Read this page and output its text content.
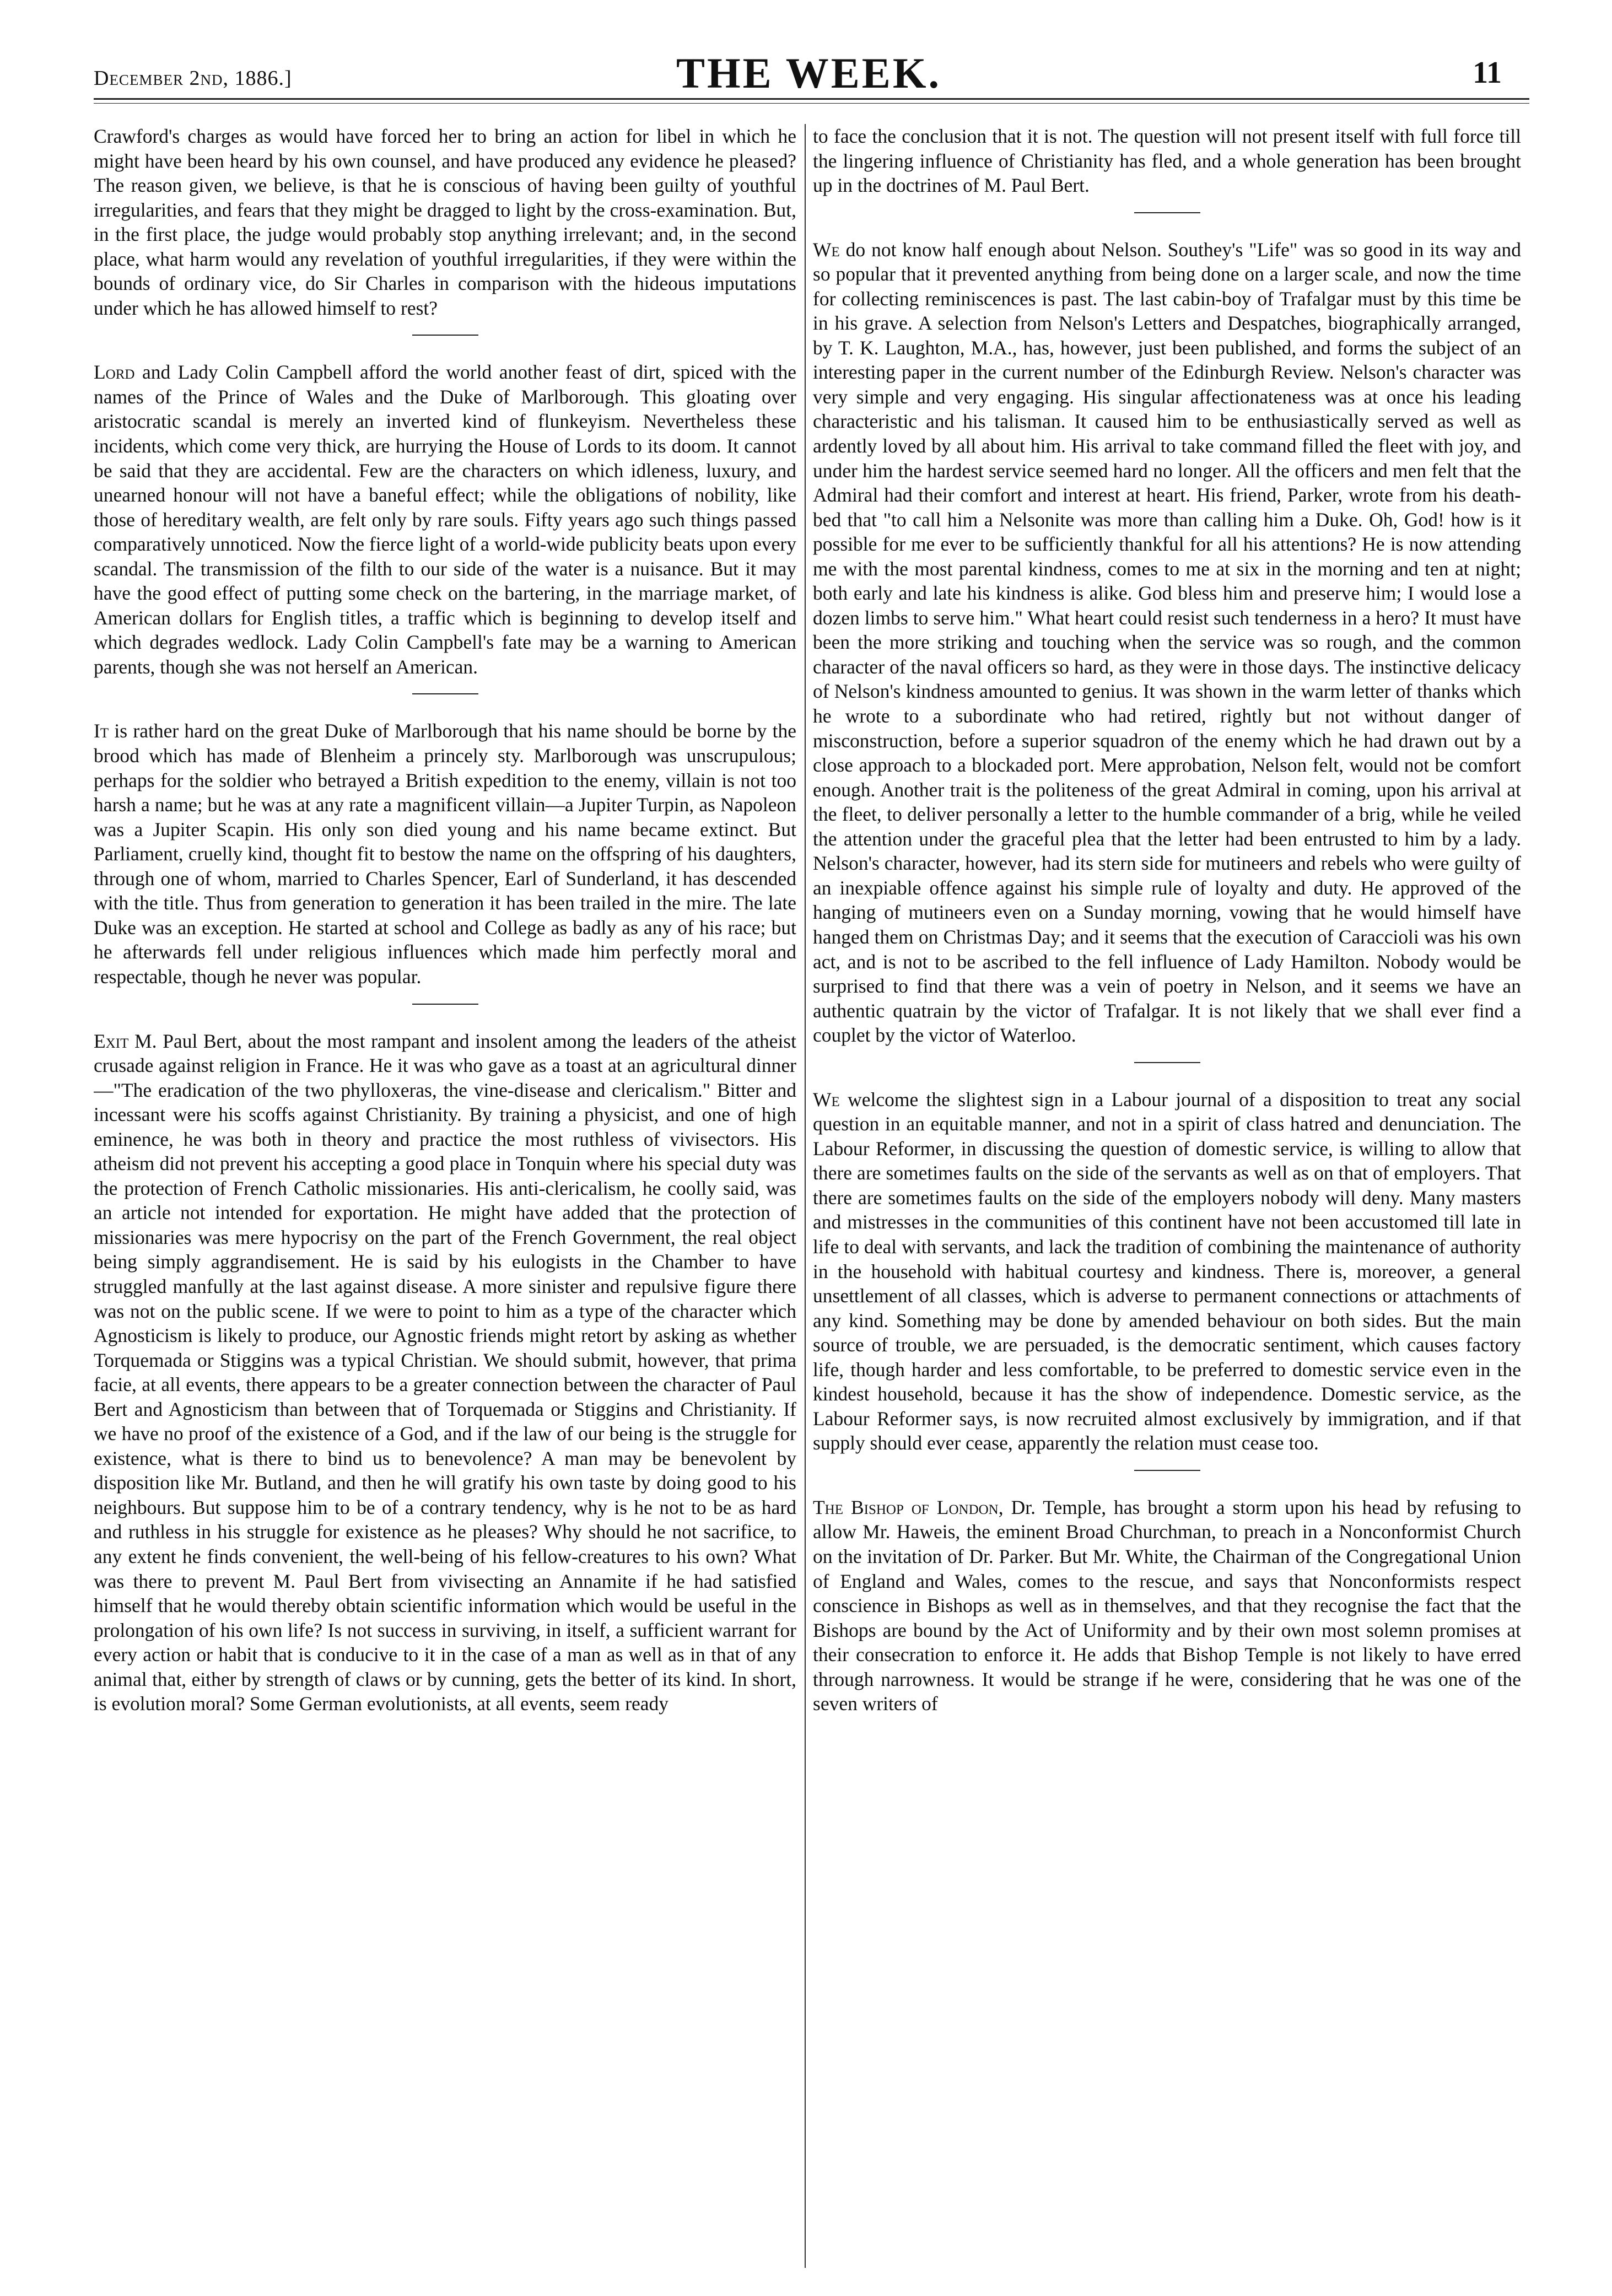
December 2nd, 1886.]	THE WEEK.	11

Crawford's charges as would have forced her to bring an action for libel in which he might have been heard by his own counsel, and have produced any evidence he pleased? The reason given, we believe, is that he is conscious of having been guilty of youthful irregularities, and fears that they might be dragged to light by the cross-examination. But, in the first place, the judge would probably stop anything irrelevant; and, in the second place, what harm would any revelation of youthful irregularities, if they were within the bounds of ordinary vice, do Sir Charles in comparison with the hideous imputations under which he has allowed himself to rest?

Lord and Lady Colin Campbell afford the world another feast of dirt, spiced with the names of the Prince of Wales and the Duke of Marlborough. This gloating over aristocratic scandal is merely an inverted kind of flunkeyism. Nevertheless these incidents, which come very thick, are hurrying the House of Lords to its doom. It cannot be said that they are accidental. Few are the characters on which idleness, luxury, and unearned honour will not have a baneful effect; while the obligations of nobility, like those of hereditary wealth, are felt only by rare souls. Fifty years ago such things passed comparatively unnoticed. Now the fierce light of a world-wide publicity beats upon every scandal. The transmission of the filth to our side of the water is a nuisance. But it may have the good effect of putting some check on the bartering, in the marriage market, of American dollars for English titles, a traffic which is beginning to develop itself and which degrades wedlock. Lady Colin Campbell's fate may be a warning to American parents, though she was not herself an American.

It is rather hard on the great Duke of Marlborough that his name should be borne by the brood which has made of Blenheim a princely sty. Marlborough was unscrupulous; perhaps for the soldier who betrayed a British expedition to the enemy, villain is not too harsh a name; but he was at any rate a magnificent villain—a Jupiter Turpin, as Napoleon was a Jupiter Scapin. His only son died young and his name became extinct. But Parliament, cruelly kind, thought fit to bestow the name on the offspring of his daughters, through one of whom, married to Charles Spencer, Earl of Sunderland, it has descended with the title. Thus from generation to generation it has been trailed in the mire. The late Duke was an exception. He started at school and College as badly as any of his race; but he afterwards fell under religious influences which made him perfectly moral and respectable, though he never was popular.

Exit M. Paul Bert, about the most rampant and insolent among the leaders of the atheist crusade against religion in France. He it was who gave as a toast at an agricultural dinner—"The eradication of the two phylloxeras, the vine-disease and clericalism." Bitter and incessant were his scoffs against Christianity. By training a physicist, and one of high eminence, he was both in theory and practice the most ruthless of vivisectors. His atheism did not prevent his accepting a good place in Tonquin where his special duty was the protection of French Catholic missionaries. His anti-clericalism, he coolly said, was an article not intended for exportation. He might have added that the protection of missionaries was mere hypocrisy on the part of the French Government, the real object being simply aggrandisement. He is said by his eulogists in the Chamber to have struggled manfully at the last against disease. A more sinister and repulsive figure there was not on the public scene. If we were to point to him as a type of the character which Agnosticism is likely to produce, our Agnostic friends might retort by asking as whether Torquemada or Stiggins was a typical Christian. We should submit, however, that prima facie, at all events, there appears to be a greater connection between the character of Paul Bert and Agnosticism than between that of Torquemada or Stiggins and Christianity. If we have no proof of the existence of a God, and if the law of our being is the struggle for existence, what is there to bind us to benevolence? A man may be benevolent by disposition like Mr. Butland, and then he will gratify his own taste by doing good to his neighbours. But suppose him to be of a contrary tendency, why is he not to be as hard and ruthless in his struggle for existence as he pleases? Why should he not sacrifice, to any extent he finds convenient, the well-being of his fellow-creatures to his own? What was there to prevent M. Paul Bert from vivisecting an Annamite if he had satisfied himself that he would thereby obtain scientific information which would be useful in the prolongation of his own life? Is not success in surviving, in itself, a sufficient warrant for every action or habit that is conducive to it in the case of a man as well as in that of any animal that, either by strength of claws or by cunning, gets the better of its kind. In short, is evolution moral? Some German evolutionists, at all events, seem ready

to face the conclusion that it is not. The question will not present itself with full force till the lingering influence of Christianity has fled, and a whole generation has been brought up in the doctrines of M. Paul Bert.

We do not know half enough about Nelson. Southey's "Life" was so good in its way and so popular that it prevented anything from being done on a larger scale, and now the time for collecting reminiscences is past. The last cabin-boy of Trafalgar must by this time be in his grave. A selection from Nelson's Letters and Despatches, biographically arranged, by T. K. Laughton, M.A., has, however, just been published, and forms the subject of an interesting paper in the current number of the Edinburgh Review. Nelson's character was very simple and very engaging. His singular affectionateness was at once his leading characteristic and his talisman. It caused him to be enthusiastically served as well as ardently loved by all about him. His arrival to take command filled the fleet with joy, and under him the hardest service seemed hard no longer. All the officers and men felt that the Admiral had their comfort and interest at heart. His friend, Parker, wrote from his death-bed that "to call him a Nelsonite was more than calling him a Duke. Oh, God! how is it possible for me ever to be sufficiently thankful for all his attentions? He is now attending me with the most parental kindness, comes to me at six in the morning and ten at night; both early and late his kindness is alike. God bless him and preserve him; I would lose a dozen limbs to serve him." What heart could resist such tenderness in a hero? It must have been the more striking and touching when the service was so rough, and the common character of the naval officers so hard, as they were in those days. The instinctive delicacy of Nelson's kindness amounted to genius. It was shown in the warm letter of thanks which he wrote to a subordinate who had retired, rightly but not without danger of misconstruction, before a superior squadron of the enemy which he had drawn out by a close approach to a blockaded port. Mere approbation, Nelson felt, would not be comfort enough. Another trait is the politeness of the great Admiral in coming, upon his arrival at the fleet, to deliver personally a letter to the humble commander of a brig, while he veiled the attention under the graceful plea that the letter had been entrusted to him by a lady. Nelson's character, however, had its stern side for mutineers and rebels who were guilty of an inexpiable offence against his simple rule of loyalty and duty. He approved of the hanging of mutineers even on a Sunday morning, vowing that he would himself have hanged them on Christmas Day; and it seems that the execution of Caraccioli was his own act, and is not to be ascribed to the fell influence of Lady Hamilton. Nobody would be surprised to find that there was a vein of poetry in Nelson, and it seems we have an authentic quatrain by the victor of Trafalgar. It is not likely that we shall ever find a couplet by the victor of Waterloo.

We welcome the slightest sign in a Labour journal of a disposition to treat any social question in an equitable manner, and not in a spirit of class hatred and denunciation. The Labour Reformer, in discussing the question of domestic service, is willing to allow that there are sometimes faults on the side of the servants as well as on that of employers. That there are sometimes faults on the side of the employers nobody will deny. Many masters and mistresses in the communities of this continent have not been accustomed till late in life to deal with servants, and lack the tradition of combining the maintenance of authority in the household with habitual courtesy and kindness. There is, moreover, a general unsettlement of all classes, which is adverse to permanent connections or attachments of any kind. Something may be done by amended behaviour on both sides. But the main source of trouble, we are persuaded, is the democratic sentiment, which causes factory life, though harder and less comfortable, to be preferred to domestic service even in the kindest household, because it has the show of independence. Domestic service, as the Labour Reformer says, is now recruited almost exclusively by immigration, and if that supply should ever cease, apparently the relation must cease too.

The Bishop of London, Dr. Temple, has brought a storm upon his head by refusing to allow Mr. Haweis, the eminent Broad Churchman, to preach in a Nonconformist Church on the invitation of Dr. Parker. But Mr. White, the Chairman of the Congregational Union of England and Wales, comes to the rescue, and says that Nonconformists respect conscience in Bishops as well as in themselves, and that they recognise the fact that the Bishops are bound by the Act of Uniformity and by their own most solemn promises at their consecration to enforce it. He adds that Bishop Temple is not likely to have erred through narrowness. It would be strange if he were, considering that he was one of the seven writers of
